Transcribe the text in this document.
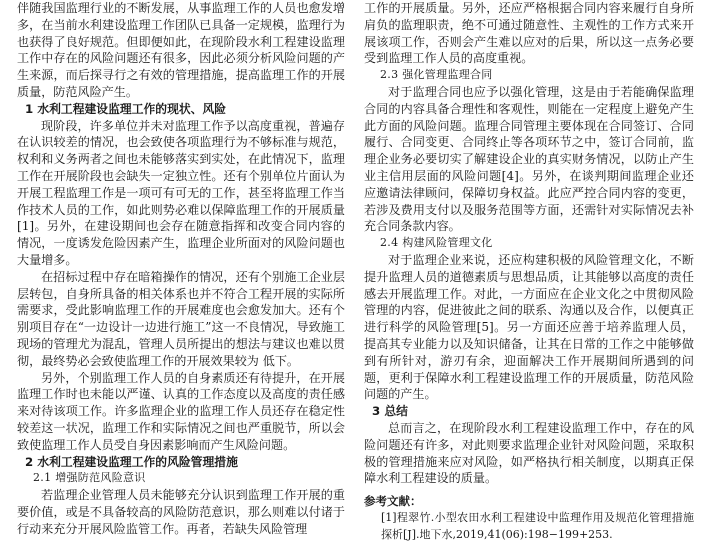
伴随我国监理行业的不断发展，从事监理工作的人员也愈发增多，在当前水利建设监理工作团队已具备一定规模，监理行为也获得了良好规范。但即便如此，在现阶段水利工程建设监理工作中存在的风险问题还有很多，因此必须分析风险问题的产生来源，而后探寻行之有效的管理措施，提高监理工作的开展质量，防范风险产生。
1 水利工程建设监理工作的现状、风险
现阶段，许多单位并未对监理工作予以高度重视，普遍存在认识较差的情况，也会致使各项监理行为不够标准与规范，权利和义务两者之间也未能够落实到实处，在此情况下，监理工作在开展阶段也会缺失一定独立性。还有个别单位片面认为开展工程监理工作是一项可有可无的工作，甚至将监理工作当作技术人员的工作，如此则势必难以保障监理工作的开展质量[1]。另外，在建设期间也会存在随意指挥和改变合同内容的情况，一度诱发危险因素产生，监理企业所面对的风险问题也大量增多。
在招标过程中存在暗箱操作的情况，还有个别施工企业层层转包，自身所具备的相关体系也并不符合工程开展的实际所需要求，受此影响监理工作的开展难度也会愈发加大。还有个别项目存在“一边设计一边进行施工”这一不良情况，导致施工现场的管理尤为混乱，管理人员所提出的想法与建议也难以贯彻，最终势必会致使监理工作的开展效果较为 低下。
另外，个别监理工作人员的自身素质还有待提升，在开展监理工作时也未能以严谨、认真的工作态度以及高度的责任感来对待该项工作。许多监理企业的监理工作人员还存在稳定性较差这一状况，监理工作和实际情况之间也严重脱节，所以会致使监理工作人员受自身因素影响而产生风险问题。
2 水利工程建设监理工作的风险管理措施
2.1 增强防范风险意识
若监理企业管理人员未能够充分认识到监理工作开展的重要价值，或是不具备较高的风险防范意识，那么则难以付诸于行动来充分开展风险监管工作。再者，若缺失风险管理
工作的开展质量。另外，还应严格根据合同内容来履行自身所肩负的监理职责，绝不可通过随意性、主观性的工作方式来开展该项工作，否则会产生难以应对的后果，所以这一点务必要受到监理工作人员的高度重视。
2.3 强化管理监理合同
对于监理合同也应予以强化管理，这是由于若能确保监理合同的内容具备合理性和客观性，则能在一定程度上避免产生此方面的风险问题。监理合同管理主要体现在合同签订、合同履行、合同变更、合同终止等各项环节之中，签订合同前，监理企业务必要切实了解建设企业的真实财务情况，以防止产生业主信用层面的风险问题[4]。另外，在谈判期间监理企业还应邀请法律顾问，保障切身权益。此应严控合同内容的变更，若涉及费用支付以及服务范围等方面，还需针对实际情况去补充合同条款内容。
2.4 构建风险管理文化
对于监理企业来说，还应构建积极的风险管理文化，不断提升监理人员的道德素质与思想品质，让其能够以高度的责任感去开展监理工作。对此，一方面应在企业文化之中贯彻风险管理的内容，促进彼此之间的联系、沟通以及合作，以便真正进行科学的风险管理[5]。另一方面还应善于培养监理人员，提高其专业能力以及知识储备，让其在日常的工作之中能够做到有所针对，游刃有余，迎面解决工作开展期间所遇到的问题，更利于保障水利工程建设监理工作的开展质量，防范风险问题的产生。
3 总结
总而言之，在现阶段水利工程建设监理工作中，存在的风险问题还有许多，对此则要求监理企业针对风险问题，采取积极的管理措施来应对风险，如严格执行相关制度，以期真正保障水利工程建设的质量。
参考文献：
[1]程翠竹.小型农田水利工程建设中监理作用及规范化管理措施探析[J].地下水,2019,41(06):198−199+253.
